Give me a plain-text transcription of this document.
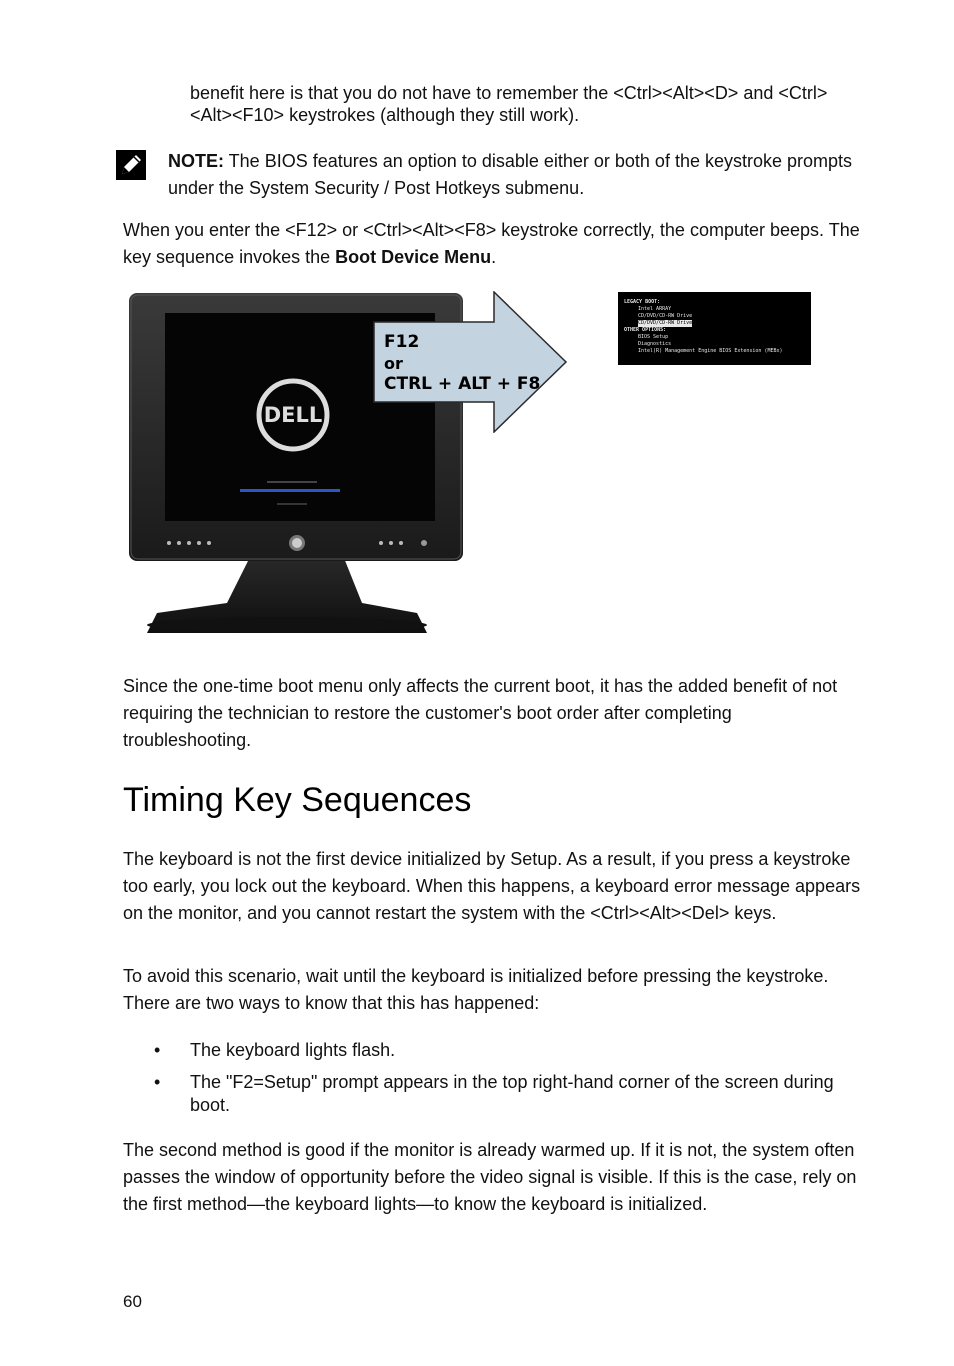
benefit here is that you do not have to remember the <Ctrl><Alt><D> and <Ctrl><Alt><F10> keystrokes (although they still work).

NOTE: The BIOS features an option to disable either or both of the keystroke prompts under the System Security / Post Hotkeys submenu.

When you enter the <F12> or <Ctrl><Alt><F8> keystroke correctly, the computer beeps. The key sequence invokes the Boot Device Menu.

DELL
F12
or
CTRL + ALT + F8
LEGACY BOOT:
Intel ARRAY
CD/DVD/CD-RW Drive
CD/DVD/CD-RW Drive
OTHER OPTIONS:
BIOS Setup
Diagnostics
Intel(R) Management Engine BIOS Extension (MEBx)

Since the one-time boot menu only affects the current boot, it has the added benefit of not requiring the technician to restore the customer's boot order after completing troubleshooting.

Timing Key Sequences

The keyboard is not the first device initialized by Setup. As a result, if you press a keystroke too early, you lock out the keyboard. When this happens, a keyboard error message appears on the monitor, and you cannot restart the system with the <Ctrl><Alt><Del> keys.

To avoid this scenario, wait until the keyboard is initialized before pressing the keystroke. There are two ways to know that this has happened:

• The keyboard lights flash.
• The "F2=Setup" prompt appears in the top right-hand corner of the screen during boot.

The second method is good if the monitor is already warmed up. If it is not, the system often passes the window of opportunity before the video signal is visible. If this is the case, rely on the first method—the keyboard lights—to know the keyboard is initialized.

60
